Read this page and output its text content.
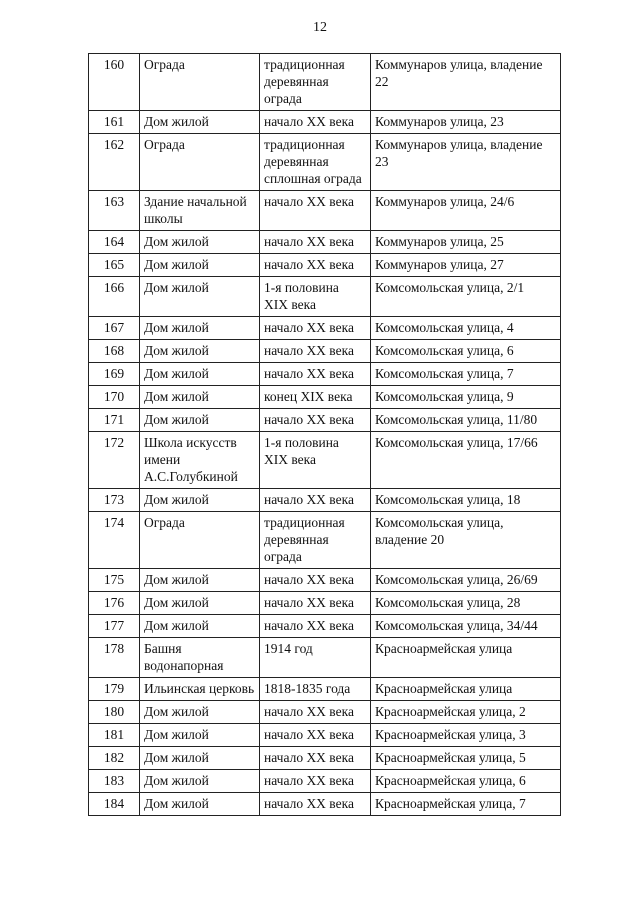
12
160	Ограда	традиционная деревянная ограда	Коммунаров улица, владение 22
161	Дом жилой	начало XX века	Коммунаров улица, 23
162	Ограда	традиционная деревянная сплошная ограда	Коммунаров улица, владение 23
163	Здание начальной школы	начало XX века	Коммунаров улица, 24/6
164	Дом жилой	начало XX века	Коммунаров улица, 25
165	Дом жилой	начало XX века	Коммунаров улица, 27
166	Дом жилой	1-я половина XIX века	Комсомольская улица, 2/1
167	Дом жилой	начало XX века	Комсомольская улица, 4
168	Дом жилой	начало XX века	Комсомольская улица, 6
169	Дом жилой	начало XX века	Комсомольская улица, 7
170	Дом жилой	конец XIX века	Комсомольская улица, 9
171	Дом жилой	начало XX века	Комсомольская улица, 11/80
172	Школа искусств имени А.С.Голубкиной	1-я половина XIX века	Комсомольская улица, 17/66
173	Дом жилой	начало XX века	Комсомольская улица, 18
174	Ограда	традиционная деревянная ограда	Комсомольская улица, владение 20
175	Дом жилой	начало XX века	Комсомольская улица, 26/69
176	Дом жилой	начало XX века	Комсомольская улица, 28
177	Дом жилой	начало XX века	Комсомольская улица, 34/44
178	Башня водонапорная	1914 год	Красноармейская улица
179	Ильинская церковь	1818-1835 года	Красноармейская улица
180	Дом жилой	начало XX века	Красноармейская улица, 2
181	Дом жилой	начало XX века	Красноармейская улица, 3
182	Дом жилой	начало XX века	Красноармейская улица, 5
183	Дом жилой	начало XX века	Красноармейская улица, 6
184	Дом жилой	начало XX века	Красноармейская улица, 7
